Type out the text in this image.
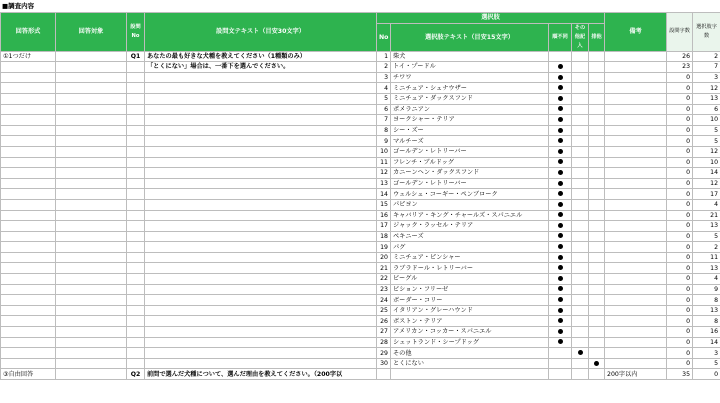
■調査内容
回答形式	回答対象	設問No	設問文テキスト（目安30文字）	選択肢					備考	設問字数	選択肢字数
				No	選択肢テキスト（目安15文字）	順不同	その他記入	排他			

①1つだけ		Q1	あなたの最も好きな犬種を教えてください（1種類のみ）	1	柴犬					26	2
			「とくにない」場合は、一番下を選んでください。	2	トイ・プードル					23	7
				3	チワワ					0	3
				4	ミニチュア・シュナウザー					0	12
				5	ミニチュア・ダックスフンド					0	13
				6	ポメラニアン					0	6
				7	ヨークシャー・テリア					0	10
				8	シー・ズー					0	5
				9	マルチーズ					0	5
				10	ゴールデン・レトリーバー					0	12
				11	フレンチ・ブルドッグ					0	10
				12	カニーンヘン・ダックスフンド					0	14
				13	ゴールデン・レトリーバー					0	12
				14	ウェルシュ・コーギー・ペンブローク					0	17
				15	パピヨン					0	4
				16	キャバリア・キング・チャールズ・スパニエル					0	21
				17	ジャック・ラッセル・テリア					0	13
				18	ペキニーズ					0	5
				19	パグ					0	2
				20	ミニチュア・ピンシャー					0	11
				21	ラブラドール・レトリーバー					0	13
				22	ビーグル					0	4
				23	ビション・フリーゼ					0	9
				24	ボーダー・コリー					0	8
				25	イタリアン・グレーハウンド					0	13
				26	ボストン・テリア					0	8
				27	アメリカン・コッカー・スパニエル					0	16
				28	シェットランド・シープドッグ					0	14
				29	その他					0	3
				30	とくにない					0	5
③自由回答		Q2	前問で選んだ犬種について、選んだ理由を教えてください。（200字以						200字以内	35	0
